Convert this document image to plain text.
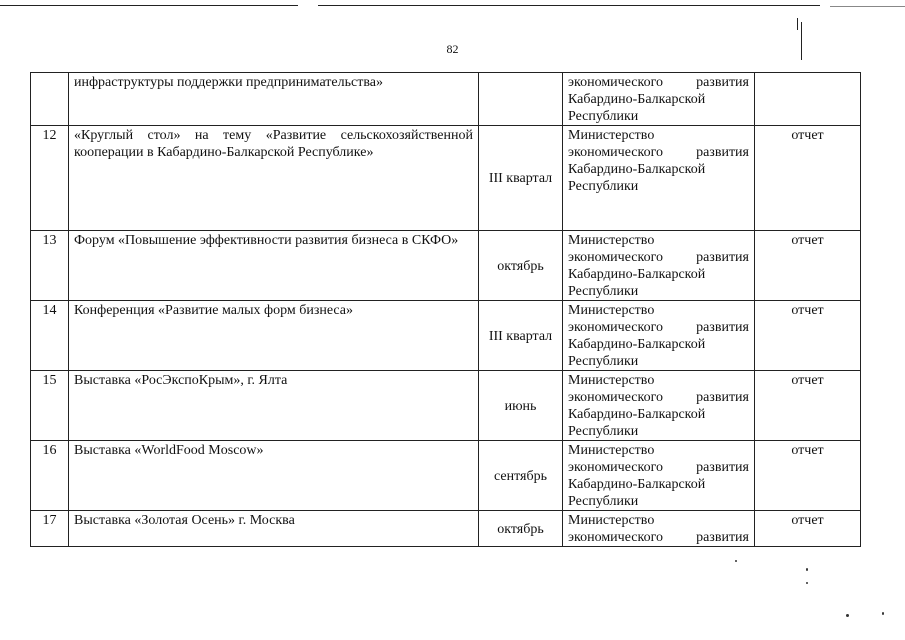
82
	инфраструктуры поддержки предпринимательства»		экономического развития
Кабардино-Балкарской
Республики	

12	«Круглый стол» на тему «Развитие сельскохозяйственной кооперации в Кабардино-Балкарской Республике»	III квартал	Министерство
экономического развития
Кабардино-Балкарской
Республики	отчет
13	Форум «Повышение эффективности развития бизнеса в СКФО»	октябрь	Министерство
экономического развития
Кабардино-Балкарской
Республики	отчет
14	Конференция «Развитие малых форм бизнеса»	III квартал	Министерство
экономического развития
Кабардино-Балкарской
Республики	отчет
15	Выставка «РосЭкспоКрым», г. Ялта	июнь	Министерство
экономического развития
Кабардино-Балкарской
Республики	отчет
16	Выставка «WorldFood Moscow»	сентябрь	Министерство
экономического развития
Кабардино-Балкарской
Республики	отчет
17	Выставка «Золотая Осень» г. Москва	октябрь	Министерство
экономического развития	отчет
